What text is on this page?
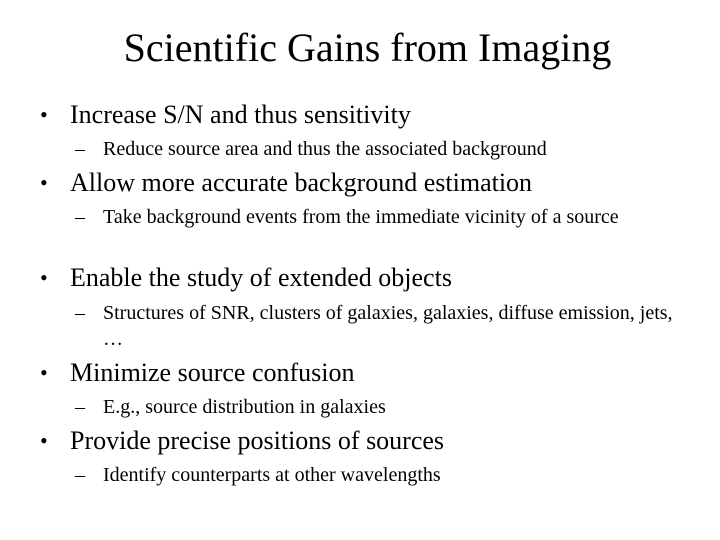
Scientific Gains from Imaging
• Increase S/N and thus sensitivity
– Reduce source area and thus the associated background
• Allow more accurate background estimation
– Take background events from the immediate vicinity of a source
• Enable the study of extended objects
– Structures of SNR, clusters of galaxies, galaxies, diffuse emission, jets, …
• Minimize source confusion
– E.g., source distribution in galaxies
• Provide precise positions of sources
– Identify counterparts at other wavelengths
